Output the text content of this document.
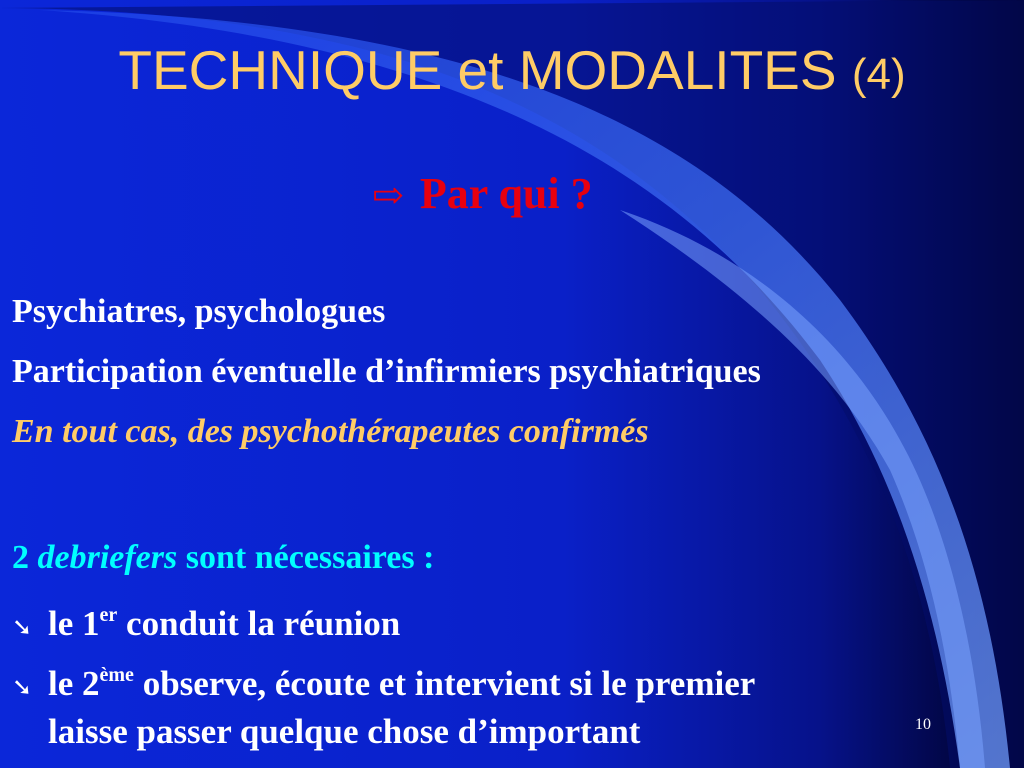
TECHNIQUE et MODALITES (4)
⇨ Par qui ?
Psychiatres, psychologues
Participation éventuelle d’infirmiers psychiatriques
En tout cas, des psychothérapeutes confirmés
2 debriefers sont nécessaires :
➘ le 1er conduit la réunion
➘ le 2ème observe, écoute et intervient si le premier
laisse passer quelque chose d’important	10
